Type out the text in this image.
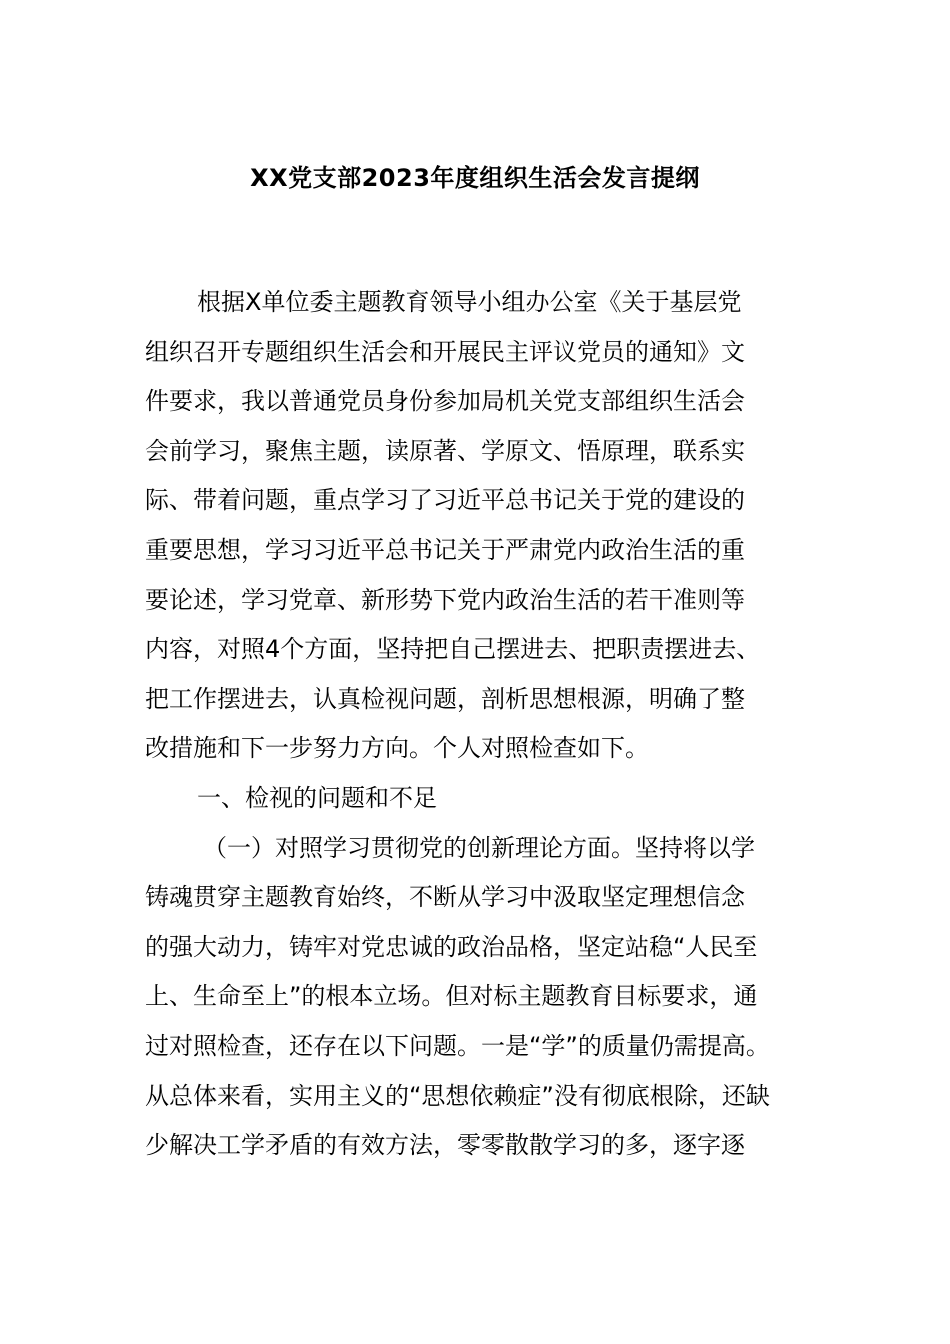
XX党支部2023年度组织生活会发言提纲
根据X单位委主题教育领导小组办公室《关于基层党
组织召开专题组织生活会和开展民主评议党员的通知》文
件要求，我以普通党员身份参加局机关党支部组织生活会
会前学习，聚焦主题，读原著、学原文、悟原理，联系实
际、带着问题，重点学习了习近平总书记关于党的建设的
重要思想，学习习近平总书记关于严肃党内政治生活的重
要论述，学习党章、新形势下党内政治生活的若干准则等
内容，对照4个方面，坚持把自己摆进去、把职责摆进去、
把工作摆进去，认真检视问题，剖析思想根源，明确了整
改措施和下一步努力方向。个人对照检查如下。
一、检视的问题和不足
（一）对照学习贯彻党的创新理论方面。坚持将以学
铸魂贯穿主题教育始终，不断从学习中汲取坚定理想信念
的强大动力，铸牢对党忠诚的政治品格，坚定站稳“人民至
上、生命至上”的根本立场。但对标主题教育目标要求，通
过对照检查，还存在以下问题。一是“学”的质量仍需提高。
从总体来看，实用主义的“思想依赖症”没有彻底根除，还缺
少解决工学矛盾的有效方法，零零散散学习的多，逐字逐
